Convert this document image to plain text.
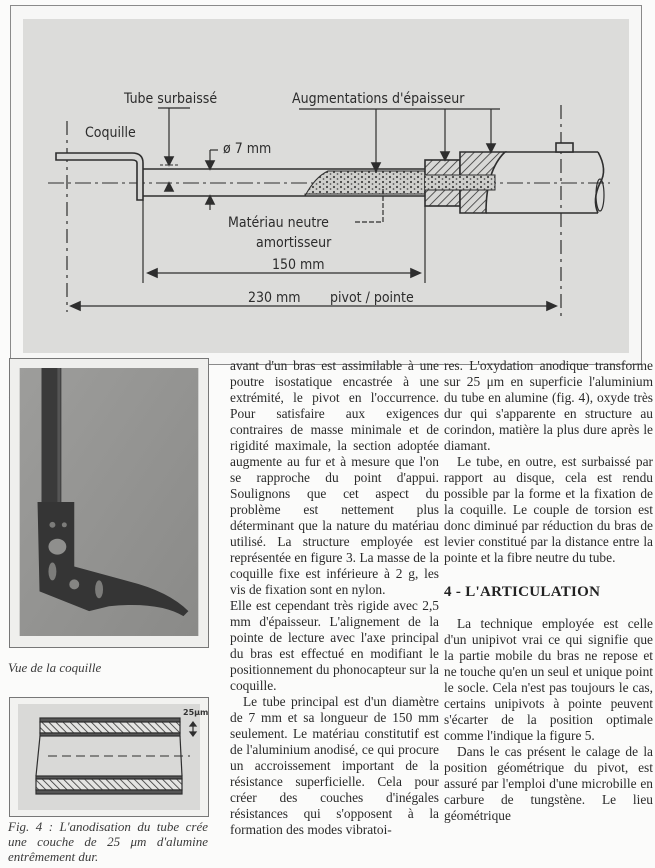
Tube surbaissé	Augmentations d'épaisseur
Coquille
ø 7 mm
Matériau neutre
amortisseur
150 mm
230 mm pivot / pointe
Vue de la coquille
25μm
Fig. 4 : L'anodisation du tube crée une couche de 25 μm d'alumine entrêmement dur.

avant d'un bras est assimilable à une poutre isostatique encastrée à une extrémité, le pivot en l'occurrence. Pour satisfaire aux exigences contraires de masse minimale et de rigidité maximale, la section adoptée augmente au fur et à mesure que l'on se rapproche du point d'appui. Soulignons que cet aspect du problème est nettement plus déterminant que la nature du matériau utilisé. La structure employée est représentée en figure 3. La masse de la coquille fixe est inférieure à 2 g, les vis de fixation sont en nylon.

Elle est cependant très rigide avec 2,5 mm d'épaisseur. L'alignement de la pointe de lecture avec l'axe principal du bras est effectué en modifiant le positionnement du phonocapteur sur la coquille.

Le tube principal est d'un diamètre de 7 mm et sa longueur de 150 mm seulement. Le matériau constitutif est de l'aluminium anodisé, ce qui procure un accroissement important de la résistance superficielle. Cela pour créer des couches d'inégales résistances qui s'opposent à la formation des modes vibratoi-

res. L'oxydation anodique transforme sur 25 μm en superficie l'aluminium du tube en alumine (fig. 4), oxyde très dur qui s'apparente en structure au corindon, matière la plus dure après le diamant.

Le tube, en outre, est surbaissé par rapport au disque, cela est rendu possible par la forme et la fixation de la coquille. Le couple de torsion est donc diminué par réduction du bras de levier constitué par la distance entre la pointe et la fibre neutre du tube.

4 - L'ARTICULATION

La technique employée est celle d'un unipivot vrai ce qui signifie que la partie mobile du bras ne repose et ne touche qu'en un seul et unique point le socle. Cela n'est pas toujours le cas, certains unipivots à pointe peuvent s'écarter de la position optimale comme l'indique la figure 5.

Dans le cas présent le calage de la position géométrique du pivot, est assuré par l'emploi d'une microbille en carbure de tungstène. Le lieu géométrique
